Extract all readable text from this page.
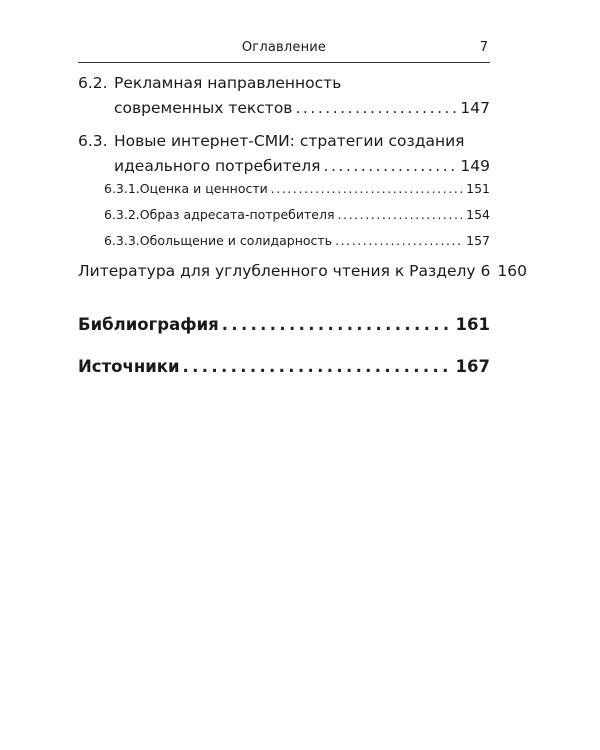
Оглавление	7
6.2. Рекламная направленность
современных текстов . . .	147
6.3. Новые интернет-СМИ: стратегии создания
идеального потребителя . . .	149
6.3.1. Оценка и ценности . . .	151
6.3.2. Образ адресата-потребителя . . .	154
6.3.3. Обольщение и солидарность . . .	157
Литература для углубленного чтения к Разделу 6 160
Библиография . . .	161
Источники . . .	167
